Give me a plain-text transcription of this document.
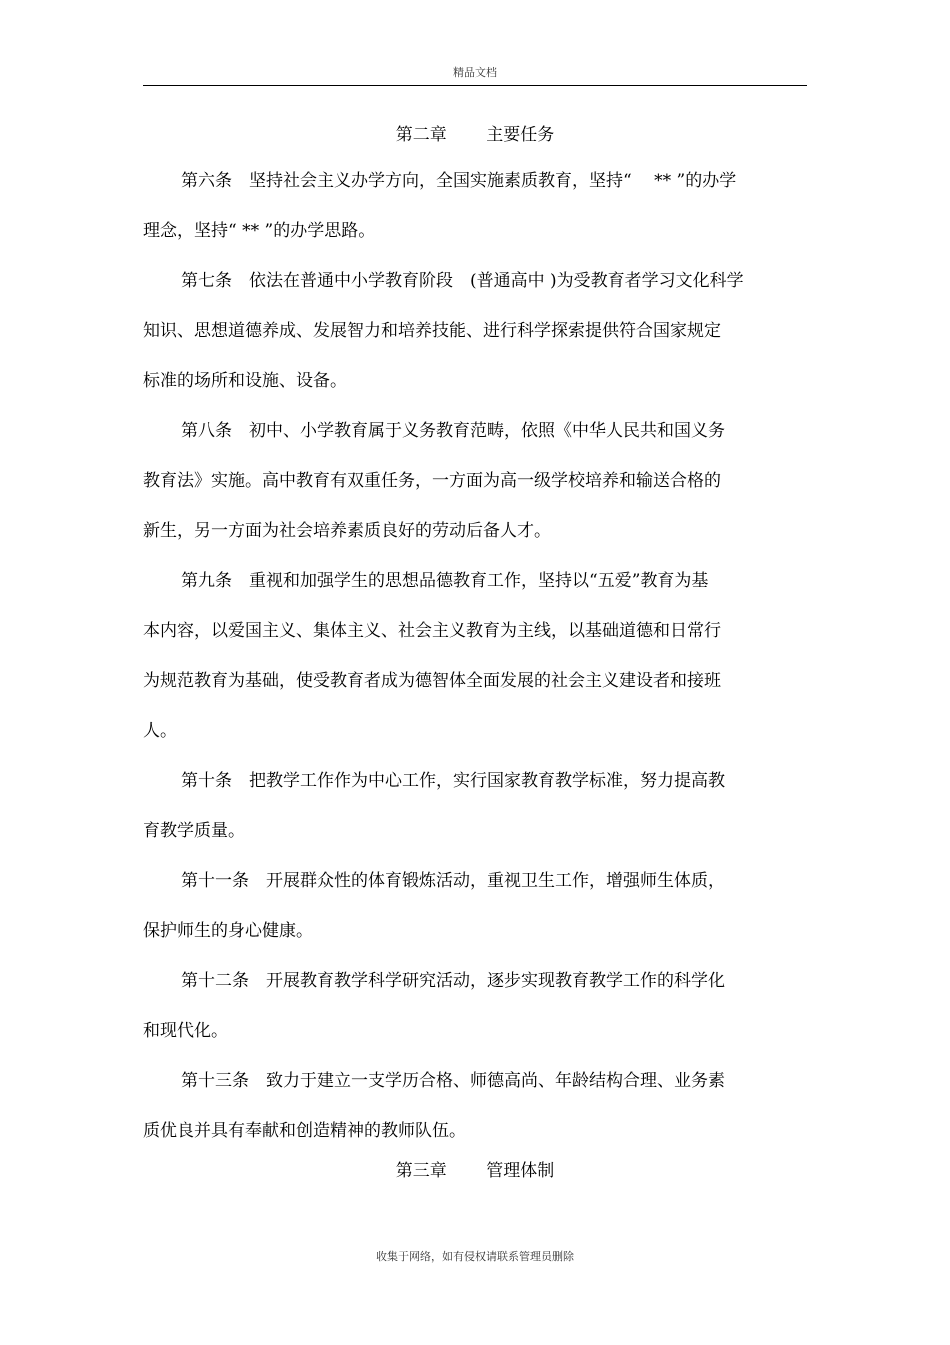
精品文档
第二章　　 主要任务
第六条　坚持社会主义办学方向，全国实施素质教育，坚持“　 ** ”的办学
理念，坚持“ ** ”的办学思路。
第七条　依法在普通中小学教育阶段　(普通高中 )为受教育者学习文化科学
知识、思想道德养成、发展智力和培养技能、进行科学探索提供符合国家规定
标准的场所和设施、设备。
第八条　初中、小学教育属于义务教育范畴，依照《中华人民共和国义务
教育法》实施。高中教育有双重任务，一方面为高一级学校培养和输送合格的
新生，另一方面为社会培养素质良好的劳动后备人才。
第九条　重视和加强学生的思想品德教育工作，坚持以“五爱”教育为基
本内容，以爱国主义、集体主义、社会主义教育为主线，以基础道德和日常行
为规范教育为基础，使受教育者成为德智体全面发展的社会主义建设者和接班
人。
第十条　把教学工作作为中心工作，实行国家教育教学标准，努力提高教
育教学质量。
第十一条　开展群众性的体育锻炼活动，重视卫生工作，增强师生体质，
保护师生的身心健康。
第十二条　开展教育教学科学研究活动，逐步实现教育教学工作的科学化
和现代化。
第十三条　致力于建立一支学历合格、师德高尚、年龄结构合理、业务素
质优良并具有奉献和创造精神的教师队伍。
第三章　　 管理体制
收集于网络，如有侵权请联系管理员删除
